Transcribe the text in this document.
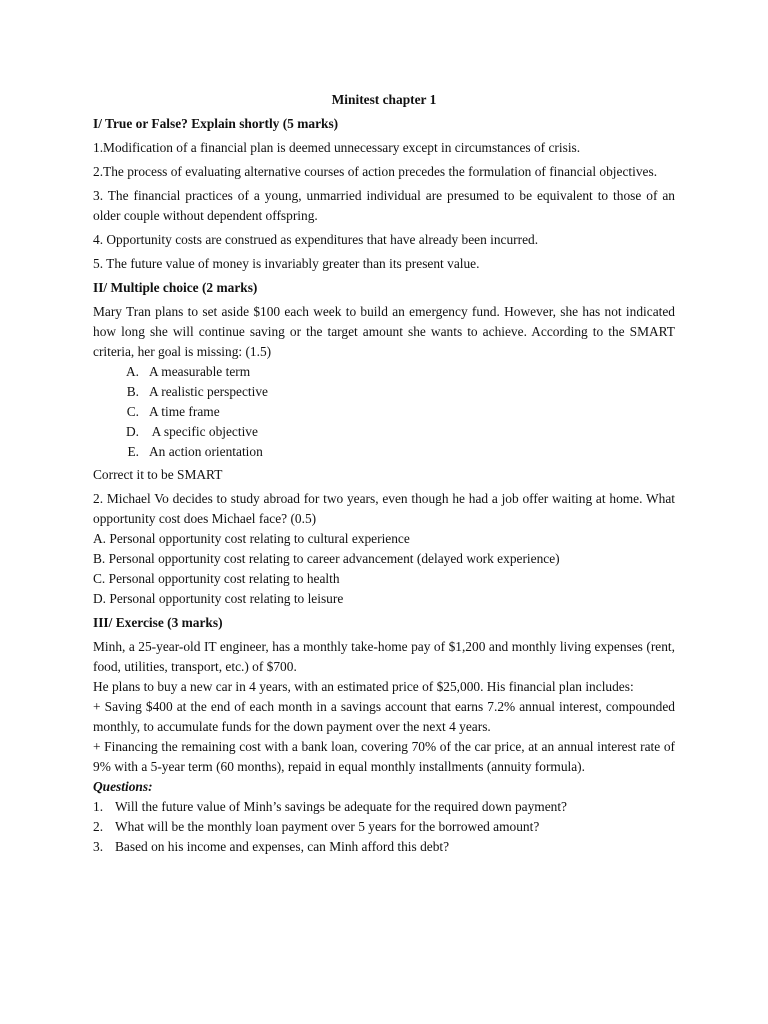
Minitest chapter 1

I/ True or False? Explain shortly (5 marks)

1.Modification of a financial plan is deemed unnecessary except in circumstances of crisis.

2.The process of evaluating alternative courses of action precedes the formulation of financial objectives.

3. The financial practices of a young, unmarried individual are presumed to be equivalent to those of an older couple without dependent offspring.

4. Opportunity costs are construed as expenditures that have already been incurred.

5. The future value of money is invariably greater than its present value.

II/ Multiple choice (2 marks)

Mary Tran plans to set aside $100 each week to build an emergency fund. However, she has not indicated how long she will continue saving or the target amount she wants to achieve. According to the SMART criteria, her goal is missing: (1.5)

A. A measurable term
B. A realistic perspective
C. A time frame
D. A specific objective
E. An action orientation

Correct it to be SMART

2. Michael Vo decides to study abroad for two years, even though he had a job offer waiting at home. What opportunity cost does Michael face? (0.5)

A. Personal opportunity cost relating to cultural experience

B. Personal opportunity cost relating to career advancement (delayed work experience)

C. Personal opportunity cost relating to health

D. Personal opportunity cost relating to leisure

III/ Exercise (3 marks)

Minh, a 25-year-old IT engineer, has a monthly take-home pay of $1,200 and monthly living expenses (rent, food, utilities, transport, etc.) of $700.

He plans to buy a new car in 4 years, with an estimated price of $25,000. His financial plan includes:

+ Saving $400 at the end of each month in a savings account that earns 7.2% annual interest, compounded monthly, to accumulate funds for the down payment over the next 4 years.

+ Financing the remaining cost with a bank loan, covering 70% of the car price, at an annual interest rate of 9% with a 5-year term (60 months), repaid in equal monthly installments (annuity formula).

Questions:

1. Will the future value of Minh’s savings be adequate for the required down payment?
2. What will be the monthly loan payment over 5 years for the borrowed amount?
3. Based on his income and expenses, can Minh afford this debt?
